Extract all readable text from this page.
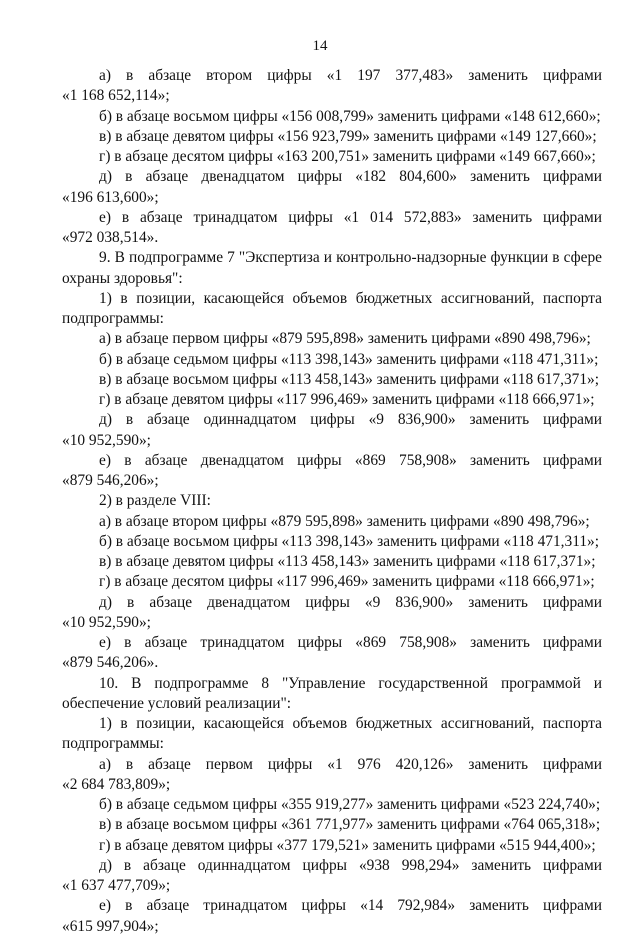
14
а) в абзаце втором цифры «1 197 377,483» заменить цифрами
«1 168 652,114»;
б) в абзаце восьмом цифры «156 008,799» заменить цифрами «148 612,660»;
в) в абзаце девятом цифры «156 923,799» заменить цифрами «149 127,660»;
г) в абзаце десятом цифры «163 200,751» заменить цифрами «149 667,660»;
д) в абзаце двенадцатом цифры «182 804,600» заменить цифрами
«196 613,600»;
е) в абзаце тринадцатом цифры «1 014 572,883» заменить цифрами
«972 038,514».
9. В подпрограмме 7 "Экспертиза и контрольно-надзорные функции в сфере
охраны здоровья":
1) в позиции, касающейся объемов бюджетных ассигнований, паспорта
подпрограммы:
а) в абзаце первом цифры «879 595,898» заменить цифрами «890 498,796»;
б) в абзаце седьмом цифры «113 398,143» заменить цифрами «118 471,311»;
в) в абзаце восьмом цифры «113 458,143» заменить цифрами «118 617,371»;
г) в абзаце девятом цифры «117 996,469» заменить цифрами «118 666,971»;
д) в абзаце одиннадцатом цифры «9 836,900» заменить цифрами
«10 952,590»;
е) в абзаце двенадцатом цифры «869 758,908» заменить цифрами
«879 546,206»;
2) в разделе VIII:
а) в абзаце втором цифры «879 595,898» заменить цифрами «890 498,796»;
б) в абзаце восьмом цифры «113 398,143» заменить цифрами «118 471,311»;
в) в абзаце девятом цифры «113 458,143» заменить цифрами «118 617,371»;
г) в абзаце десятом цифры «117 996,469» заменить цифрами «118 666,971»;
д) в абзаце двенадцатом цифры «9 836,900» заменить цифрами
«10 952,590»;
е) в абзаце тринадцатом цифры «869 758,908» заменить цифрами
«879 546,206».
10. В подпрограмме 8 "Управление государственной программой и
обеспечение условий реализации":
1) в позиции, касающейся объемов бюджетных ассигнований, паспорта
подпрограммы:
а) в абзаце первом цифры «1 976 420,126» заменить цифрами
«2 684 783,809»;
б) в абзаце седьмом цифры «355 919,277» заменить цифрами «523 224,740»;
в) в абзаце восьмом цифры «361 771,977» заменить цифрами «764 065,318»;
г) в абзаце девятом цифры «377 179,521» заменить цифрами «515 944,400»;
д) в абзаце одиннадцатом цифры «938 998,294» заменить цифрами
«1 637 477,709»;
е) в абзаце тринадцатом цифры «14 792,984» заменить цифрами
«615 997,904»;
